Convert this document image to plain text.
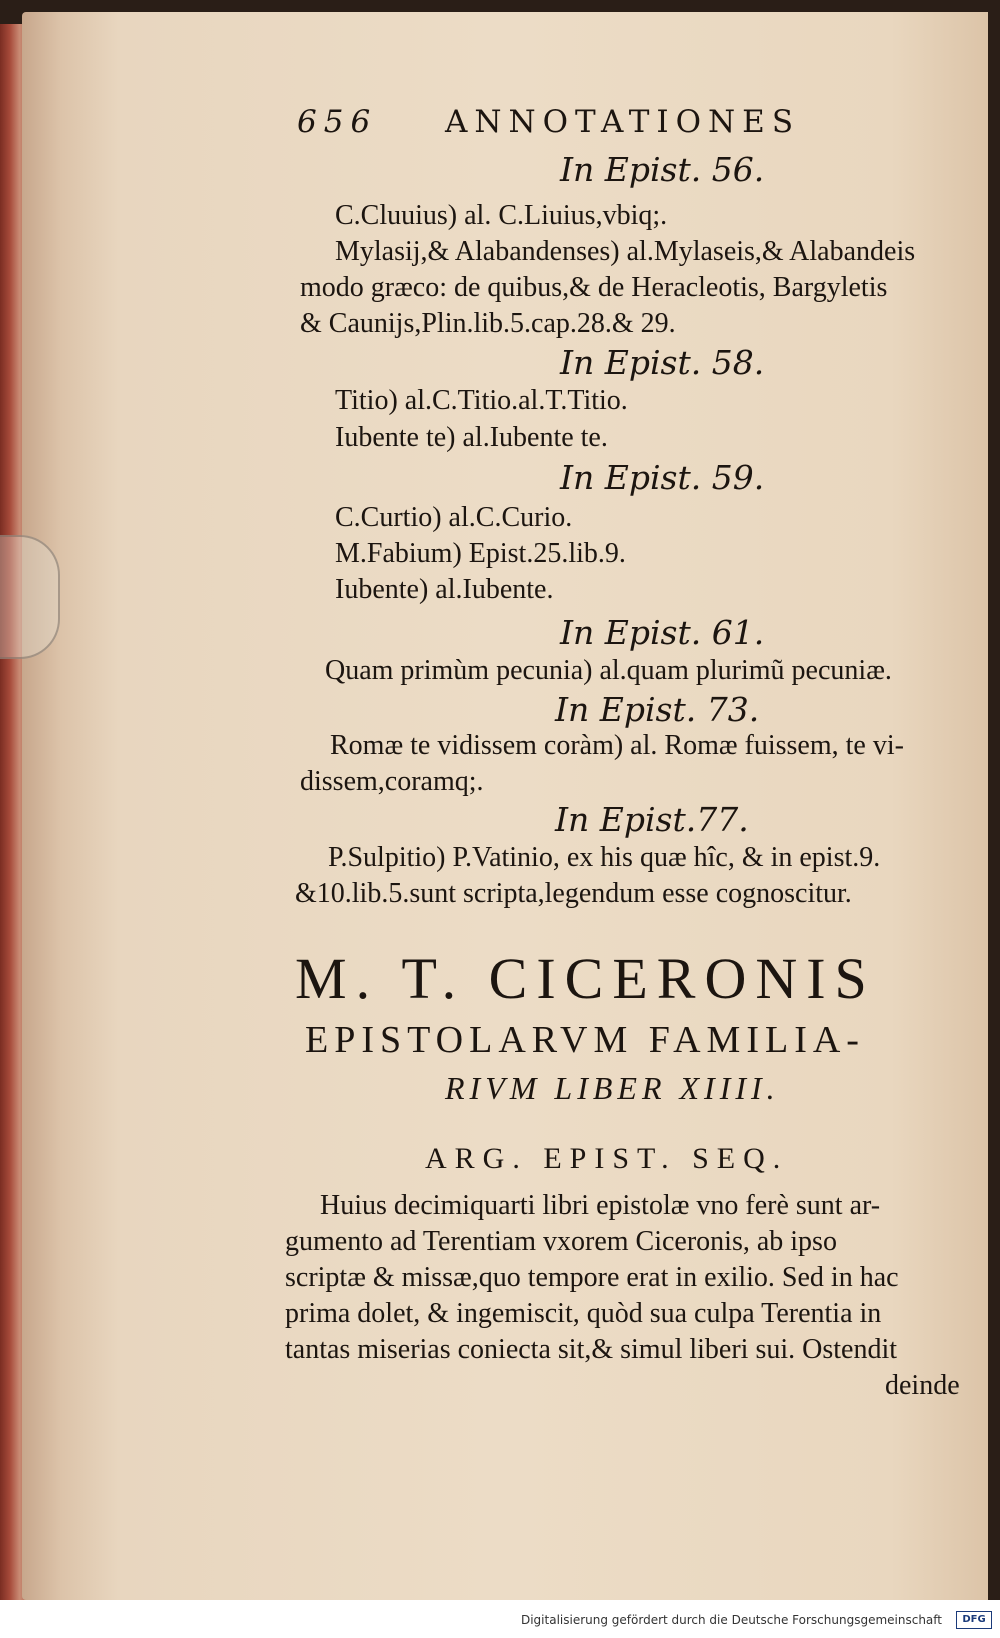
656 ANNOTATIONES
In Epist. 56.
C.Cluuius) al. C.Liuius,vbiq;.
Mylasij,& Alabandenses) al.Mylaseis,& Alabandeis
modo græco: de quibus,& de Heracleotis, Bargyletis
& Caunijs,Plin.lib.5.cap.28.& 29.
In Epist. 58.
Titio) al.C.Titio.al.T.Titio.
Iubente te) al.Iubente te.
In Epist. 59.
C.Curtio) al.C.Curio.
M.Fabium) Epist.25.lib.9.
Iubente) al.Iubente.
In Epist. 61.
Quam primùm pecunia) al.quam plurimũ pecuniæ.
In Epist. 73.
Romæ te vidissem coràm) al. Romæ fuissem, te vi-
dissem,coramq;.
In Epist.77.
P.Sulpitio) P.Vatinio, ex his quæ hîc, & in epist.9.
&10.lib.5.sunt scripta,legendum esse cognoscitur.
M. T. CICERONIS
EPISTOLARVM FAMILIA-
RIVM LIBER XIIII.
ARG. EPIST. SEQ.
Huius decimiquarti libri epistolæ vno ferè sunt ar-
gumento ad Terentiam vxorem Ciceronis, ab ipso
scriptæ & missæ,quo tempore erat in exilio. Sed in hac
prima dolet, & ingemiscit, quòd sua culpa Terentia in
tantas miserias coniecta sit,& simul liberi sui. Ostendit
deinde
Digitalisierung gefördert durch die Deutsche Forschungsgemeinschaft	DFG
